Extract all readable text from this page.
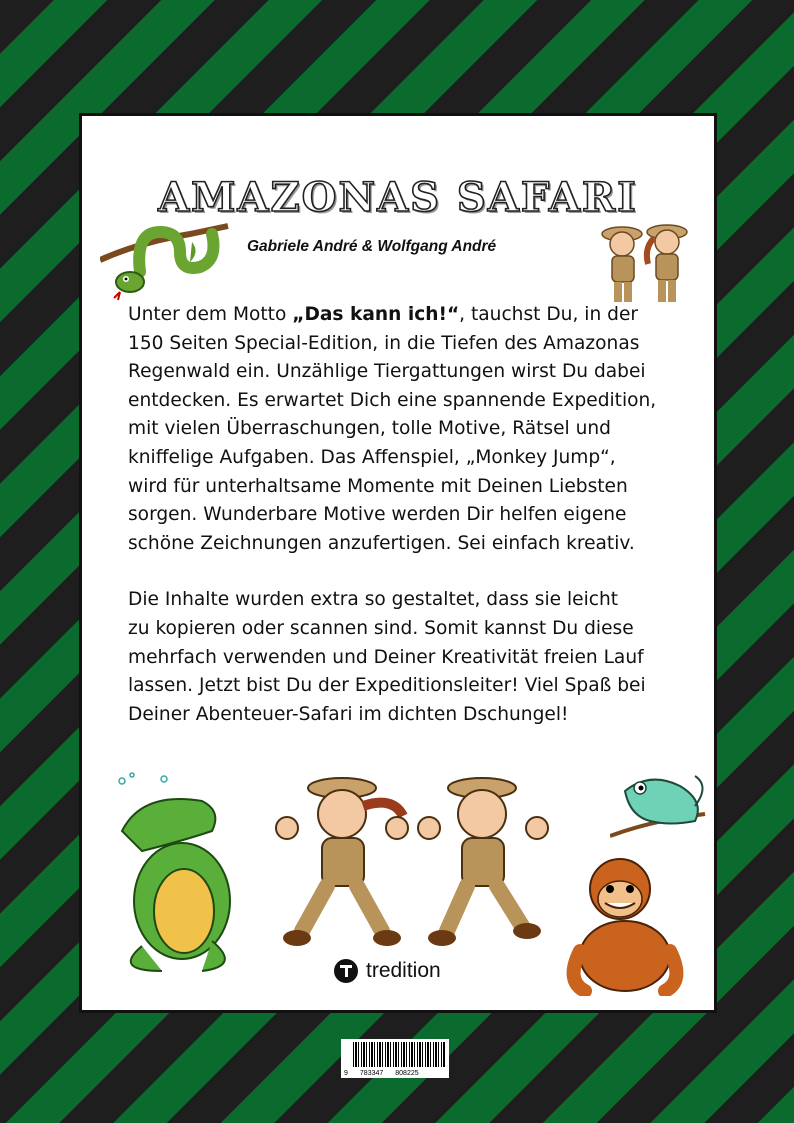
AMAZONAS SAFARI
Gabriele André & Wolfgang André

Unter dem Motto „Das kann ich!“, tauchst Du, in der

150 Seiten Special-Edition, in die Tiefen des Amazonas

Regenwald ein. Unzählige Tiergattungen wirst Du dabei

entdecken. Es erwartet Dich eine spannende Expedition,

mit vielen Überraschungen, tolle Motive, Rätsel und

kniffelige Aufgaben. Das Affenspiel, „Monkey Jump“,

wird für unterhaltsame Momente mit Deinen Liebsten

sorgen. Wunderbare Motive werden Dir helfen eigene

schöne Zeichnungen anzufertigen. Sei einfach kreativ.

Die Inhalte wurden extra so gestaltet, dass sie leicht

zu kopieren oder scannen sind. Somit kannst Du diese

mehrfach verwenden und Deiner Kreativität freien Lauf

lassen. Jetzt bist Du der Expeditionsleiter! Viel Spaß bei

Deiner Abenteuer-Safari im dichten Dschungel!

tredition
9 783347 808225
